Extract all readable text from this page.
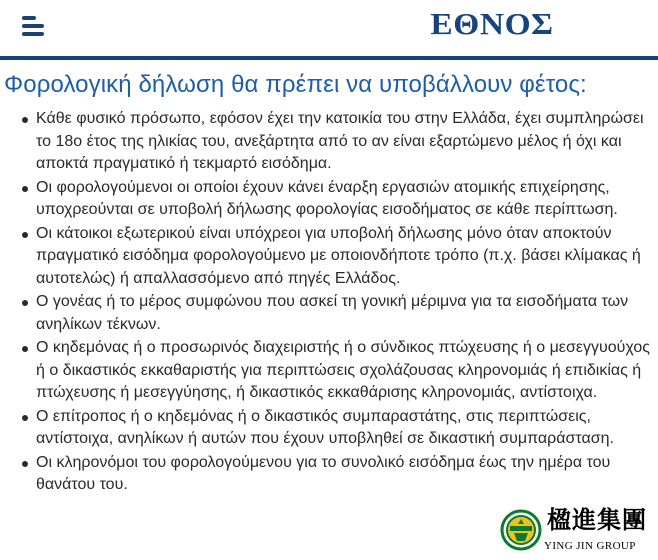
ΕΘΝΟΣ
Φορολογική δήλωση θα πρέπει να υποβάλλουν φέτος:
Κάθε φυσικό πρόσωπο, εφόσον έχει την κατοικία του στην Ελλάδα, έχει συμπληρώσει το 18ο έτος της ηλικίας του, ανεξάρτητα από το αν είναι εξαρτώμενο μέλος ή όχι και αποκτά πραγματικό ή τεκμαρτό εισόδημα.
Οι φορολογούμενοι οι οποίοι έχουν κάνει έναρξη εργασιών ατομικής επιχείρησης, υποχρεούνται σε υποβολή δήλωσης φορολογίας εισοδήματος σε κάθε περίπτωση.
Οι κάτοικοι εξωτερικού είναι υπόχρεοι για υποβολή δήλωσης μόνο όταν αποκτούν πραγματικό εισόδημα φορολογούμενο με οποιονδήποτε τρόπο (π.χ. βάσει κλίμακας ή αυτοτελώς) ή απαλλασσόμενο από πηγές Ελλάδος.
Ο γονέας ή το μέρος συμφώνου που ασκεί τη γονική μέριμνα για τα εισοδήματα των ανηλίκων τέκνων.
Ο κηδεμόνας ή ο προσωρινός διαχειριστής ή ο σύνδικος πτώχευσης ή ο μεσεγγυούχος ή ο δικαστικός εκκαθαριστής για περιπτώσεις σχολάζουσας κληρονομιάς ή επιδικίας ή πτώχευσης ή μεσεγγύησης, ή δικαστικός εκκαθάρισης κληρονομιάς, αντίστοιχα.
Ο επίτροπος ή ο κηδεμόνας ή ο δικαστικός συμπαραστάτης, στις περιπτώσεις, αντίστοιχα, ανηλίκων ή αυτών που έχουν υποβληθεί σε δικαστική συμπαράσταση.
Οι κληρονόμοι του φορολογούμενου για το συνολικό εισόδημα έως την ημέρα του θανάτου του.
楹進集團
YING JIN GROUP
